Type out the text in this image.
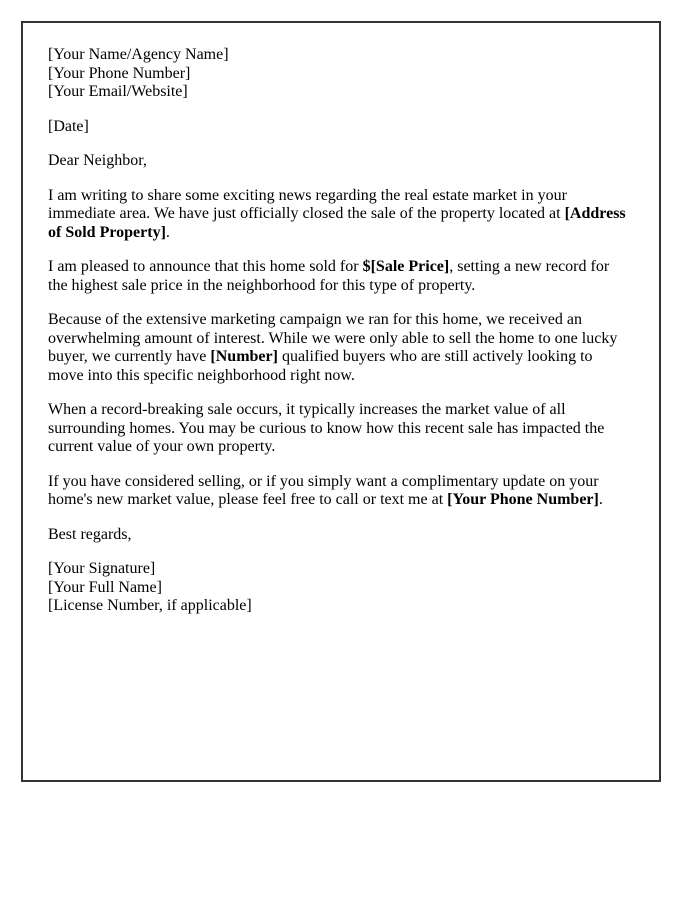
[Your Name/Agency Name]
[Your Phone Number]
[Your Email/Website]

[Date]

Dear Neighbor,

I am writing to share some exciting news regarding the real estate market in your immediate area. We have just officially closed the sale of the property located at [Address of Sold Property].

I am pleased to announce that this home sold for $[Sale Price], setting a new record for the highest sale price in the neighborhood for this type of property.

Because of the extensive marketing campaign we ran for this home, we received an overwhelming amount of interest. While we were only able to sell the home to one lucky buyer, we currently have [Number] qualified buyers who are still actively looking to move into this specific neighborhood right now.

When a record-breaking sale occurs, it typically increases the market value of all surrounding homes. You may be curious to know how this recent sale has impacted the current value of your own property.

If you have considered selling, or if you simply want a complimentary update on your home's new market value, please feel free to call or text me at [Your Phone Number].

Best regards,

[Your Signature]
[Your Full Name]
[License Number, if applicable]
